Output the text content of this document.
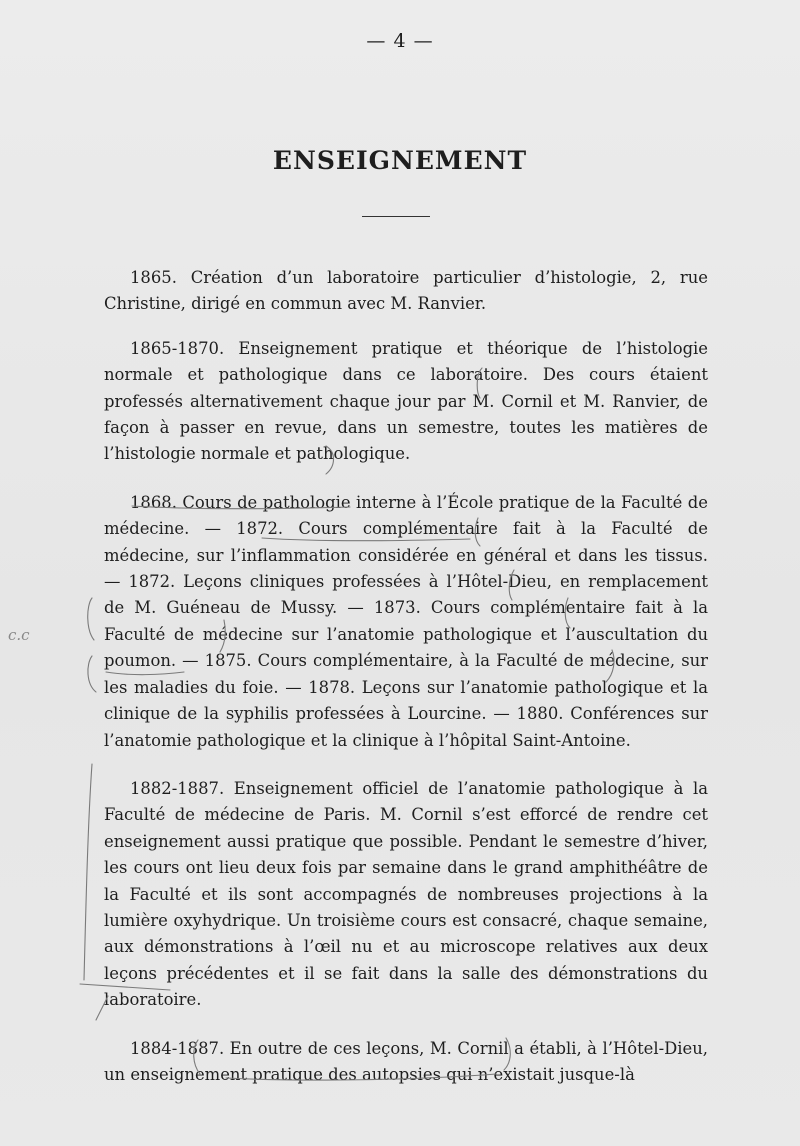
— 4 —
ENSEIGNEMENT

1865. Création d’un laboratoire particulier d’histologie, 2, rue Christine, dirigé en commun avec M. Ranvier.

1865-1870. Enseignement pratique et théorique de l’histologie normale et pathologique dans ce laboratoire. Des cours étaient professés alternativement chaque jour par M. Cornil et M. Ranvier, de façon à passer en revue, dans un semestre, toutes les matières de l’histologie normale et pathologique.

1868. Cours de pathologie interne à l’École pratique de la Faculté de médecine. — 1872. Cours complémentaire fait à la Faculté de médecine, sur l’inflammation considérée en général et dans les tissus. — 1872. Leçons cliniques professées à l’Hôtel-Dieu, en remplacement de M. Guéneau de Mussy. — 1873. Cours complémentaire fait à la Faculté de médecine sur l’anatomie pathologique et l’auscultation du poumon. — 1875. Cours complémentaire, à la Faculté de médecine, sur les maladies du foie. — 1878. Leçons sur l’anatomie pathologique et la clinique de la syphilis professées à Lourcine. — 1880. Conférences sur l’anatomie pathologique et la clinique à l’hôpital Saint-Antoine.

1882-1887. Enseignement officiel de l’anatomie pathologique à la Faculté de médecine de Paris. M. Cornil s’est efforcé de rendre cet enseignement aussi pratique que possible. Pendant le semestre d’hiver, les cours ont lieu deux fois par semaine dans le grand amphithéâtre de la Faculté et ils sont accompagnés de nombreuses projections à la lumière oxyhydrique. Un troisième cours est consacré, chaque semaine, aux démonstrations à l’œil nu et au microscope relatives aux deux leçons précédentes et il se fait dans la salle des démonstrations du laboratoire.

1884-1887. En outre de ces leçons, M. Cornil a établi, à l’Hôtel-Dieu, un enseignement pratique des autopsies qui n’existait jusque-là

c.c
